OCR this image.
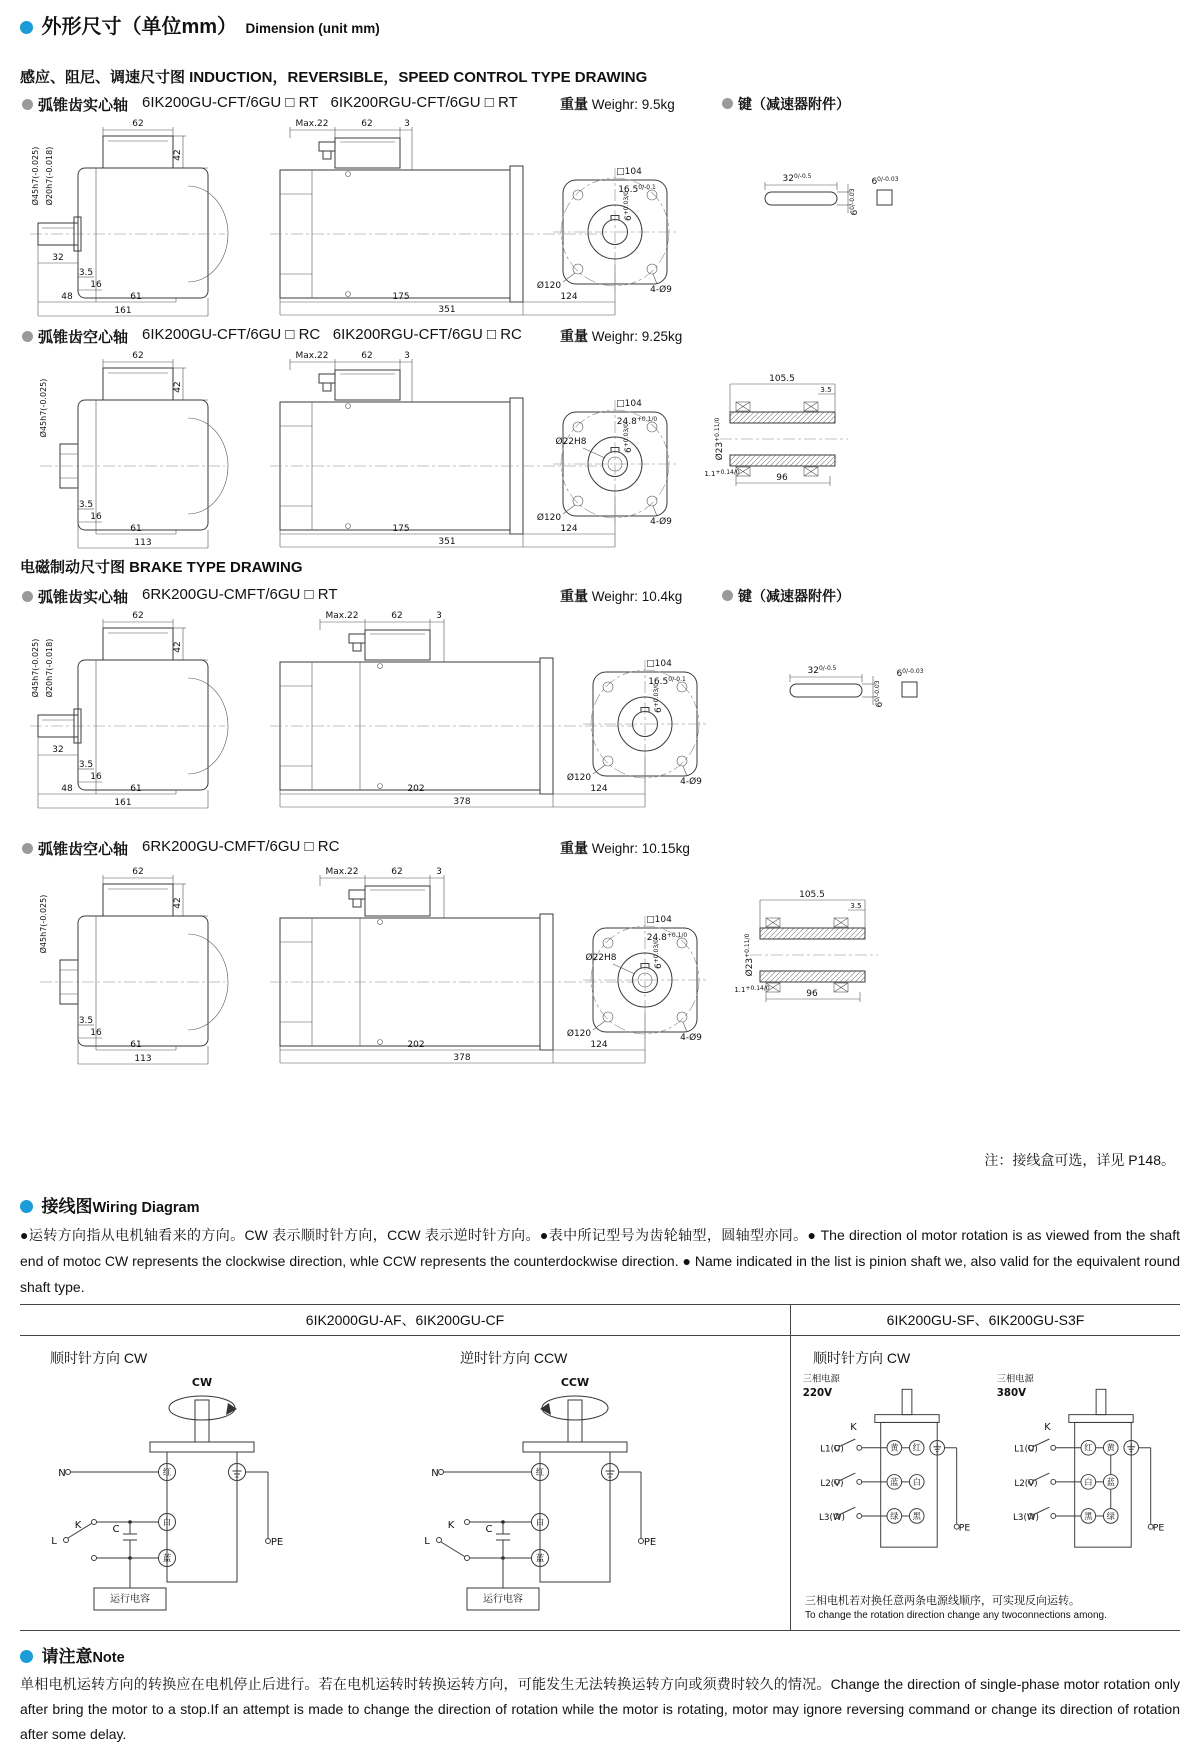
外形尺寸（单位mm） Dimension (unit mm)
感应、阻尼、调速尺寸图 INDUCTION，REVERSIBLE，SPEED CONTROL TYPE DRAWING
弧锥齿实心轴 6IK200GU-CFT/6GU □ RT   6IK200RGU-CFT/6GU □ RT	重量 Weighr: 9.5kg	键（减速器附件）
62
42
Ø45h7(-0.025) Ø20h7(-0.018)
32
3.5
16
48	61
161
Max.22	62	3
175	124
351
□104
$16.5^{0/-0.1}$
$6^{+0.03/0}$
Ø120	4-Ø9
$32^{0/-0.5}$
$6^{0/-0.03}$
$6^{0/-0.03}$
弧锥齿空心轴 6IK200GU-CFT/6GU □ RC   6IK200RGU-CFT/6GU □ RC	重量 Weighr: 9.25kg
62
42
Ø45h7(-0.025)
3.5
16
61
113
Max.22	62	3
175	124
351
□104
$24.8^{+0.1/0}$
Ø22H8
$6^{+0.03/0}$
Ø120	4-Ø9
105.5
3.5
$Ø23^{+0.11/0}$
1.1+0.14/0
96
电磁制动尺寸图 BRAKE TYPE DRAWING
弧锥齿实心轴 6RK200GU-CMFT/6GU □ RT	重量 Weighr: 10.4kg	键（减速器附件）
62
42
Ø45h7(-0.025) Ø20h7(-0.018)
32
3.5
16
48	61
161
Max.22	62	3
202	124
378
□104
$16.5^{0/-0.1}$
$6^{+0.03/0}$
Ø120	4-Ø9
$32^{0/-0.5}$
$6^{0/-0.03}$
$6^{0/-0.03}$
弧锥齿空心轴 6RK200GU-CMFT/6GU □ RC	重量 Weighr: 10.15kg
62
42
Ø45h7(-0.025)
3.5
16
61
113
Max.22	62	3
202	124
378
□104
$24.8^{+0.1/0}$
Ø22H8
$6^{+0.03/0}$
Ø120	4-Ø9
105.5
3.5
$Ø23^{+0.11/0}$
1.1+0.14/0
96
注：接线盒可选，详见 P148。
接线图Wiring Diagram
●运转方向指从电机轴看来的方向。CW 表示顺时针方向，CCW 表示逆时针方向。●表中所记型号为齿轮轴型，圆轴型亦同。● The direction ol motor rotation is as viewed from the shaft end of motoc CW represents the clockwise direction, whle CCW represents the counterdockwise direction. ● Name indicated in the list is pinion shaft we, also valid for the equivalent round shaft type.
6IK2000GU-AF、6IK200GU-CF	6IK200GU-SF、6IK200GU-S3F
顺时针方向 CW	逆时针方向 CCW
CW
红
白
蓝
N
L
K	C
运行电容
PE
CCW
红
白
蓝
N
L
K	C
运行电容
PE
顺时针方向 CW
三相电源
220V
黄 红
蓝 白
绿 黑
L1(U)
L2(V)
L3(W)
K
PE
三相电源
380V
红 黄
白 蓝
黑 绿
L1(U)
L2(V)
L3(W)
K
PE
三相电机若对换任意两条电源线顺序，可实现反向运转。
To change the rotation direction change any twoconnections among.
请注意Note
单相电机运转方向的转换应在电机停止后进行。若在电机运转时转换运转方向，可能发生无法转换运转方向或须费时较久的情况。Change the direction of single-phase motor rotation only after bring the motor to a stop.If an attempt is made to change the direction of rotation while the motor is rotating, motor may ignore reversing command or change its direction of rotation after some delay.
